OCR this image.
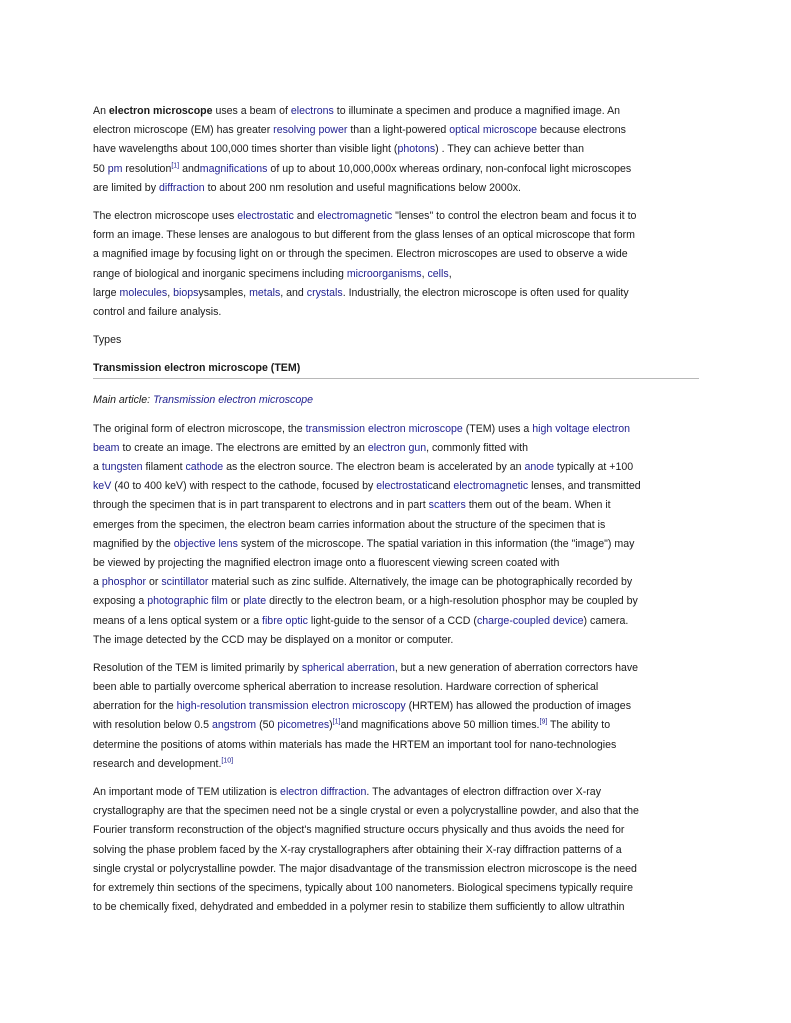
An electron microscope uses a beam of electrons to illuminate a specimen and produce a magnified image. An
electron microscope (EM) has greater resolving power than a light-powered optical microscope because electrons
have wavelengths about 100,000 times shorter than visible light (photons) . They can achieve better than
50 pm resolution[1] andmagnifications of up to about 10,000,000x whereas ordinary, non-confocal light microscopes
are limited by diffraction to about 200 nm resolution and useful magnifications below 2000x.
The electron microscope uses electrostatic and electromagnetic "lenses" to control the electron beam and focus it to
form an image. These lenses are analogous to but different from the glass lenses of an optical microscope that form
a magnified image by focusing light on or through the specimen. Electron microscopes are used to observe a wide
range of biological and inorganic specimens including microorganisms, cells,
large molecules, biopsysamples, metals, and crystals. Industrially, the electron microscope is often used for quality
control and failure analysis.
Types
Transmission electron microscope (TEM)
Main article: Transmission electron microscope
The original form of electron microscope, the transmission electron microscope (TEM) uses a high voltage electron
beam to create an image. The electrons are emitted by an electron gun, commonly fitted with
a tungsten filament cathode as the electron source. The electron beam is accelerated by an anode typically at +100
keV (40 to 400 keV) with respect to the cathode, focused by electrostaticand electromagnetic lenses, and transmitted
through the specimen that is in part transparent to electrons and in part scatters them out of the beam. When it
emerges from the specimen, the electron beam carries information about the structure of the specimen that is
magnified by the objective lens system of the microscope. The spatial variation in this information (the "image") may
be viewed by projecting the magnified electron image onto a fluorescent viewing screen coated with
a phosphor or scintillator material such as zinc sulfide. Alternatively, the image can be photographically recorded by
exposing a photographic film or plate directly to the electron beam, or a high-resolution phosphor may be coupled by
means of a lens optical system or a fibre optic light-guide to the sensor of a CCD (charge-coupled device) camera.
The image detected by the CCD may be displayed on a monitor or computer.
Resolution of the TEM is limited primarily by spherical aberration, but a new generation of aberration correctors have
been able to partially overcome spherical aberration to increase resolution. Hardware correction of spherical
aberration for the high-resolution transmission electron microscopy (HRTEM) has allowed the production of images
with resolution below 0.5 angstrom (50 picometres)[1]and magnifications above 50 million times.[9] The ability to
determine the positions of atoms within materials has made the HRTEM an important tool for nano-technologies
research and development.[10]
An important mode of TEM utilization is electron diffraction. The advantages of electron diffraction over X-ray
crystallography are that the specimen need not be a single crystal or even a polycrystalline powder, and also that the
Fourier transform reconstruction of the object's magnified structure occurs physically and thus avoids the need for
solving the phase problem faced by the X-ray crystallographers after obtaining their X-ray diffraction patterns of a
single crystal or polycrystalline powder. The major disadvantage of the transmission electron microscope is the need
for extremely thin sections of the specimens, typically about 100 nanometers. Biological specimens typically require
to be chemically fixed, dehydrated and embedded in a polymer resin to stabilize them sufficiently to allow ultrathin
